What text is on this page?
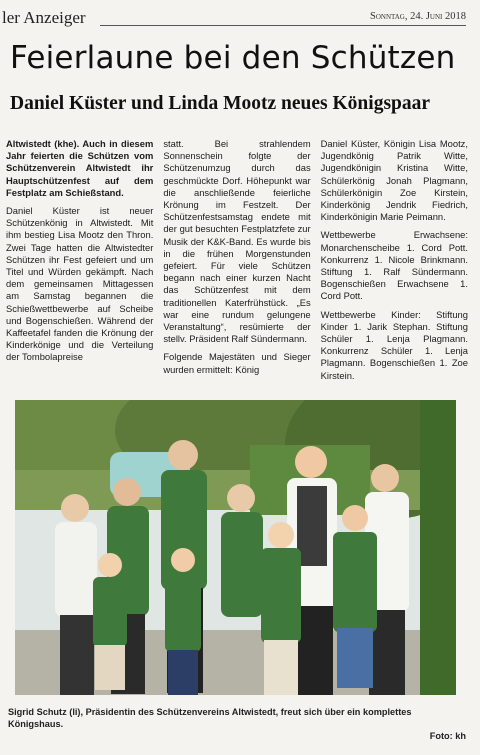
ler Anzeiger	Sonntag, 24. Juni 2018
Feierlaune bei den Schützen
Daniel Küster und Linda Mootz neues Königspaar

Altwistedt (khe). Auch in diesem Jahr feierten die Schützen vom Schützenverein Altwistedt ihr Hauptschützenfest auf dem Festplatz am Schießstand.

Daniel Küster ist neuer Schützenkönig in Altwistedt. Mit ihm bestieg Lisa Mootz den Thron. Zwei Tage hatten die Altwistedter Schützen ihr Fest gefeiert und um Titel und Würden gekämpft. Nach dem gemeinsamen Mittagessen am Samstag begannen die Schießwettbewerbe auf Scheibe und Bogenschießen. Während der Kaffeetafel fanden die Krönung der Kinderkönige und die Verteilung der Tombolapreise

statt. Bei strahlendem Sonnenschein folgte der Schützenumzug durch das geschmückte Dorf. Höhepunkt war die anschließende feierliche Krönung im Festzelt. Der Schützenfestsamstag endete mit der gut besuchten Festplatzfete zur Musik der K&K-Band. Es wurde bis in die frühen Morgenstunden gefeiert. Für viele Schützen begann nach einer kurzen Nacht das Schützenfest mit dem traditionellen Katerfrühstück. „Es war eine rundum gelungene Veranstaltung“, resümierte der stellv. Präsident Ralf Sündermann.

Folgende Majestäten und Sieger wurden ermittelt: König

Daniel Küster, Königin Lisa Mootz, Jugendkönig Patrik Witte, Jugendkönigin Kristina Witte, Schülerkönig Jonah Plagmann, Schülerkönigin Zoe Kirstein, Kinderkönig Jendrik Fiedrich, Kinderkönigin Marie Peimann.

Wettbewerbe Erwachsene: Monarchenscheibe 1. Cord Pott. Konkurrenz 1. Nicole Brinkmann. Stiftung 1. Ralf Sündermann. Bogenschießen Erwachsene 1. Cord Pott.

Wettbewerbe Kinder: Stiftung Kinder 1. Jarik Stephan. Stiftung Schüler 1. Lenja Plagmann. Konkurrenz Schüler 1. Lenja Plagmann. Bogenschießen 1. Zoe Kirstein.

Sigrid Schutz (li), Präsidentin des Schützenvereins Altwistedt, freut sich über ein komplettes Königshaus.
Foto: kh
